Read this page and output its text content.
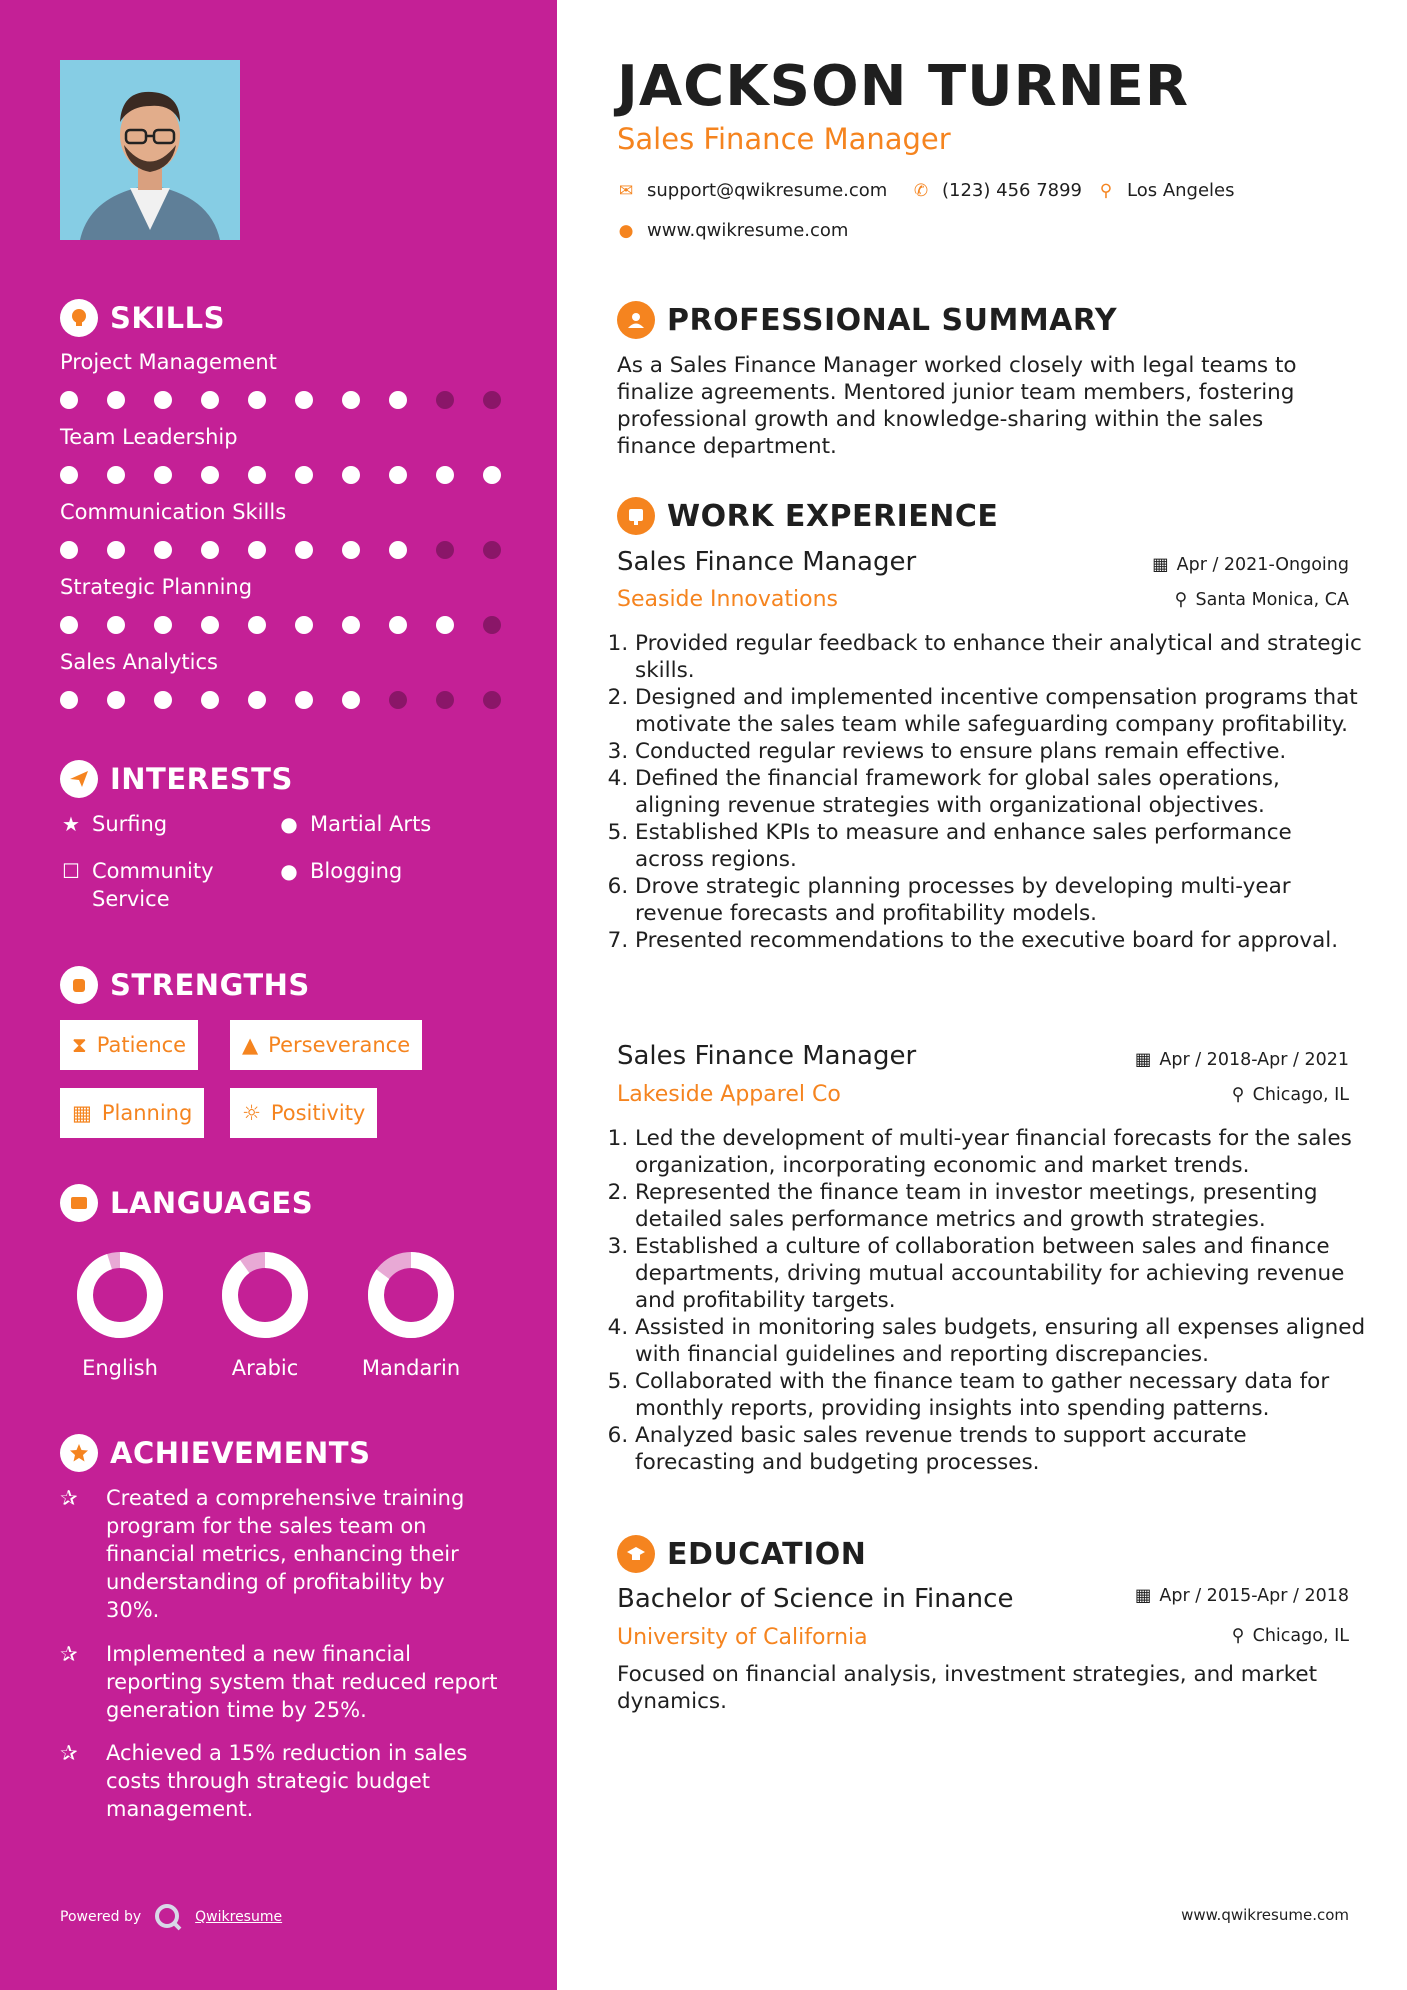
SKILLS
INTERESTS
★ Surfing	● Martial Arts
☐ Community Service
● Blogging
STRENGTHS
⧗ Patience	▲ Perseverance
▦ Planning ☼ Positivity
LANGUAGES
ACHIEVEMENTS
✰	Created a comprehensive training program for the sales team on financial metrics, enhancing their understanding of profitability by 30%.
✰	Implemented a new financial reporting system that reduced report generation time by 25%.
✰	Achieved a 15% reduction in sales costs through strategic budget management.
Powered by	Qwikresume
Project Management
Team Leadership
Communication Skills
Strategic Planning
Sales Analytics
English	Arabic	Mandarin
JACKSON TURNER
Sales Finance Manager
✉ support@qwikresume.com ✆ (123) 456 7899 ⚲ Los Angeles
● www.qwikresume.com
PROFESSIONAL SUMMARY
As a Sales Finance Manager worked closely with legal teams to finalize agreements. Mentored junior team members, fostering professional growth and knowledge-sharing within the sales finance department.
WORK EXPERIENCE
Sales Finance Manager	▦ Apr / 2021-Ongoing
Seaside Innovations	⚲ Santa Monica, CA
1. Provided regular feedback to enhance their analytical and strategic skills.
2. Designed and implemented incentive compensation programs that motivate the sales team while safeguarding company profitability.
3. Conducted regular reviews to ensure plans remain effective.
4. Defined the financial framework for global sales operations, aligning revenue strategies with organizational objectives.
5. Established KPIs to measure and enhance sales performance across regions.
6. Drove strategic planning processes by developing multi-year revenue forecasts and profitability models.
7. Presented recommendations to the executive board for approval.
Sales Finance Manager	▦ Apr / 2018-Apr / 2021
Lakeside Apparel Co	⚲ Chicago, IL
1. Led the development of multi-year financial forecasts for the sales organization, incorporating economic and market trends.
2. Represented the finance team in investor meetings, presenting detailed sales performance metrics and growth strategies.
3. Established a culture of collaboration between sales and finance departments, driving mutual accountability for achieving revenue and profitability targets.
4. Assisted in monitoring sales budgets, ensuring all expenses aligned with financial guidelines and reporting discrepancies.
5. Collaborated with the finance team to gather necessary data for monthly reports, providing insights into spending patterns.
6. Analyzed basic sales revenue trends to support accurate forecasting and budgeting processes.
EDUCATION
Bachelor of Science in Finance	▦ Apr / 2015-Apr / 2018
University of California	⚲ Chicago, IL
Focused on financial analysis, investment strategies, and market dynamics.
www.qwikresume.com
